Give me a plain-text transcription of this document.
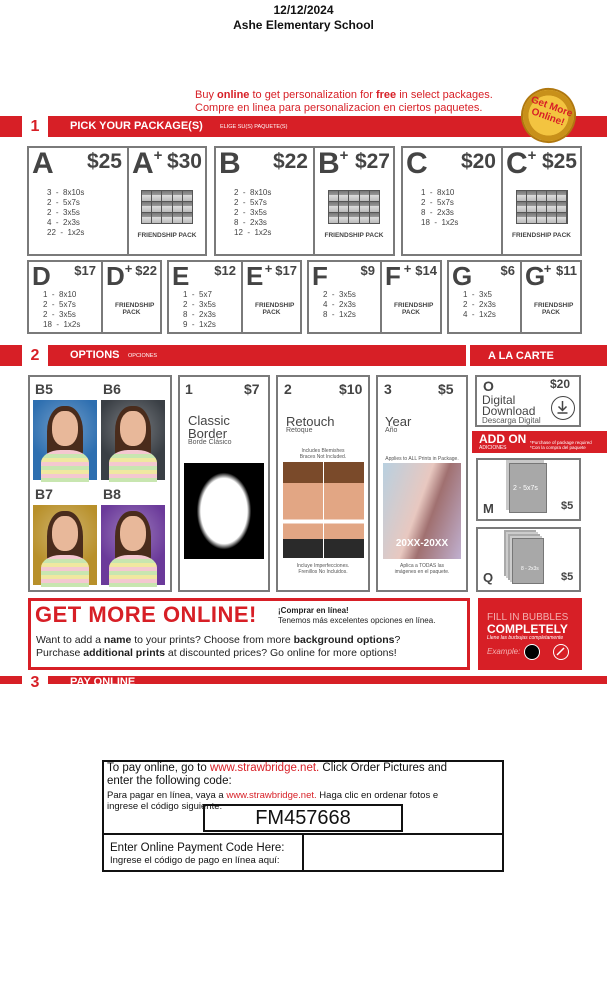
12/12/2024
Ashe Elementary School
Buy online to get personalization for free in select packages.
Compre en linea para personalizacion en ciertos paquetes.
1	PICK YOUR PACKAGE(S)	ELIGE SU(S) PAQUETE(S)
Get More Online!
A $25
3  -  8x10s
2  -  5x7s
2  -  3x5s
4  -  2x3s
22  -  1x2s
A + $30
FRIENDSHIP PACK
B $22
2  -  8x10s
2  -  5x7s
2  -  3x5s
8  -  2x3s
12  -  1x2s
B + $27
FRIENDSHIP PACK
C $20
1  -  8x10
2  -  5x7s
8  -  2x3s
18  -  1x2s
C + $25
FRIENDSHIP PACK
D $17
1  -  8x10
2  -  5x7s
2  -  3x5s
18  -  1x2s
D + $22
FRIENDSHIP PACK
E $12
1  -  5x7
2  -  3x5s
8  -  2x3s
9  -  1x2s
E + $17
FRIENDSHIP PACK
F	$9
2  -  3x5s
4  -  2x3s
8  -  1x2s
F + $14
FRIENDSHIP PACK
G $6
1  -  3x5
2  -  2x3s
4  -  1x2s
G
+ $11
FRIENDSHIP PACK
2	OPTIONS OPCIONES	A LA CARTE
B5	B6
B7	B8
1	$7
Classic Border
Borde Clásico
2	$10
Retouch
Retoque
Includes Blemishes
Braces Not Included.
Incluye Imperfecciones.
Frenillos No Incluidos.
3	$5
Year
Año
Applies to ALL Prints in Package.
20XX-20XX
Aplica a TODAS las
imágenes en el paquete.
O	$20
Digital
Download
Descarga Digital
ADD ON
ADICIONES
*Purchase of package required
*Con la compra del paquete
2 - 5x7s
M	$5
8 - 2x3s
Q	$5
GET MORE ONLINE!	¡Comprar en línea!
Tenemos más excelentes opciones en línea.
Want to add a name to your prints? Choose from more background options?
Purchase additional prints at discounted prices? Go online for more options!
FILL IN BUBBLES
COMPLETELY
Llene las burbujas completamente
Example:
3	PAY ONLINE
To pay online, go to www.strawbridge.net. Click Order Pictures and
enter the following code:
Para pagar en línea, vaya a www.strawbridge.net. Haga clic en ordenar fotos e
ingrese el código siguiente:
FM457668
Enter Online Payment Code Here:
Ingrese el código de pago en línea aquí:
